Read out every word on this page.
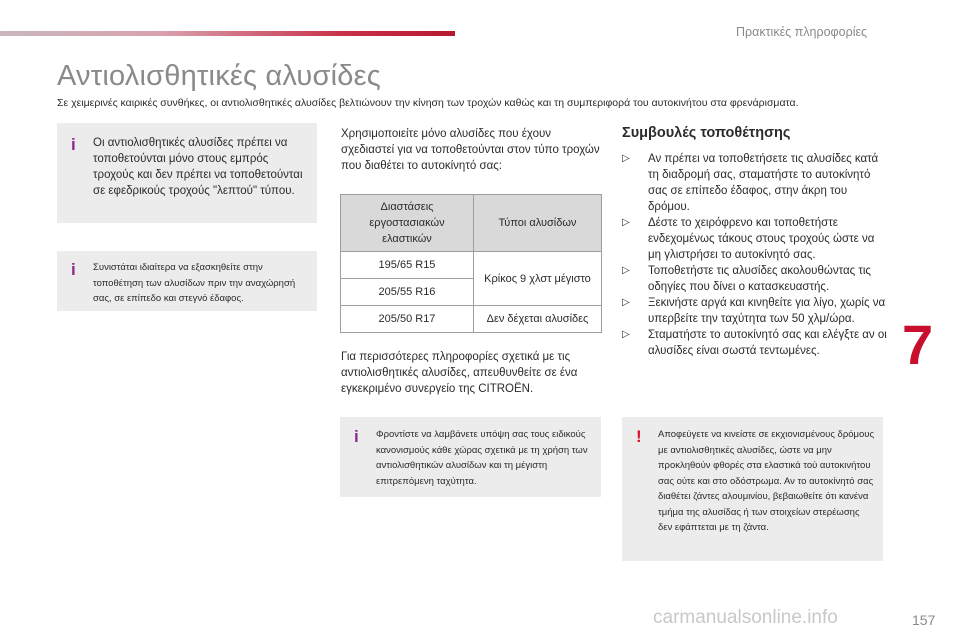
Πρακτικές πληροφορίες
Αντιολισθητικές αλυσίδες
Σε χειμερινές καιρικές συνθήκες, οι αντιολισθητικές αλυσίδες βελτιώνουν την κίνηση των τροχών καθώς και τη συμπεριφορά του αυτοκινήτου στα φρενάρισματα.
i Οι αντιολισθητικές αλυσίδες πρέπει να τοποθετούνται μόνο στους εμπρός τροχούς και δεν πρέπει να τοποθετούνται σε εφεδρικούς τροχούς "λεπτού" τύπου.
i Συνιστάται ιδιαίτερα να εξασκηθείτε στην τοποθέτηση των αλυσίδων πριν την αναχώρησή σας, σε επίπεδο και στεγνό έδαφος.
Χρησιμοποιείτε μόνο αλυσίδες που έχουν σχεδιαστεί για να τοποθετούνται στον τύπο τροχών που διαθέτει το αυτοκίνητό σας:
Διαστάσεις εργοστασιακών ελαστικών	Τύποι αλυσίδων
195/65 R15	Κρίκος 9 χλστ μέγιστο
205/55 R16	
205/50 R17	Δεν δέχεται αλυσίδες
Για περισσότερες πληροφορίες σχετικά με τις αντιολισθητικές αλυσίδες, απευθυνθείτε σε ένα εγκεκριμένο συνεργείο της CITROËN.
i Φροντίστε να λαμβάνετε υπόψη σας τους ειδικούς κανονισμούς κάθε χώρας σχετικά με τη χρήση των αντιολισθητικών αλυσίδων και τη μέγιστη επιτρεπόμενη ταχύτητα.
Συμβουλές τοποθέτησης
▷ Αν πρέπει να τοποθετήσετε τις αλυσίδες κατά τη διαδρομή σας, σταματήστε το αυτοκίνητό σας σε επίπεδο έδαφος, στην άκρη του δρόμου.
▷ Δέστε το χειρόφρενο και τοποθετήστε ενδεχομένως τάκους στους τροχούς ώστε να μη γλιστρήσει το αυτοκίνητό σας.
▷ Τοποθετήστε τις αλυσίδες ακολουθώντας τις οδηγίες που δίνει ο κατασκευαστής.
▷ Ξεκινήστε αργά και κινηθείτε για λίγο, χωρίς να υπερβείτε την ταχύτητα των 50 χλμ/ώρα.
▷ Σταματήστε το αυτοκίνητό σας και ελέγξτε αν οι αλυσίδες είναι σωστά τεντωμένες.
! Αποφεύγετε να κινείστε σε εκχιονισμένους δρόμους με αντιολισθητικές αλυσίδες, ώστε να μην προκληθούν φθορές στα ελαστικά τού αυτοκινήτου σας ούτε και στο οδόστρωμα. Αν το αυτοκίνητό σας διαθέτει ζάντες αλουμινίου, βεβαιωθείτε ότι κανένα τμήμα της αλυσίδας ή των στοιχείων στερέωσης δεν εφάπτεται με τη ζάντα.
7
carmanualsonline.info	157
